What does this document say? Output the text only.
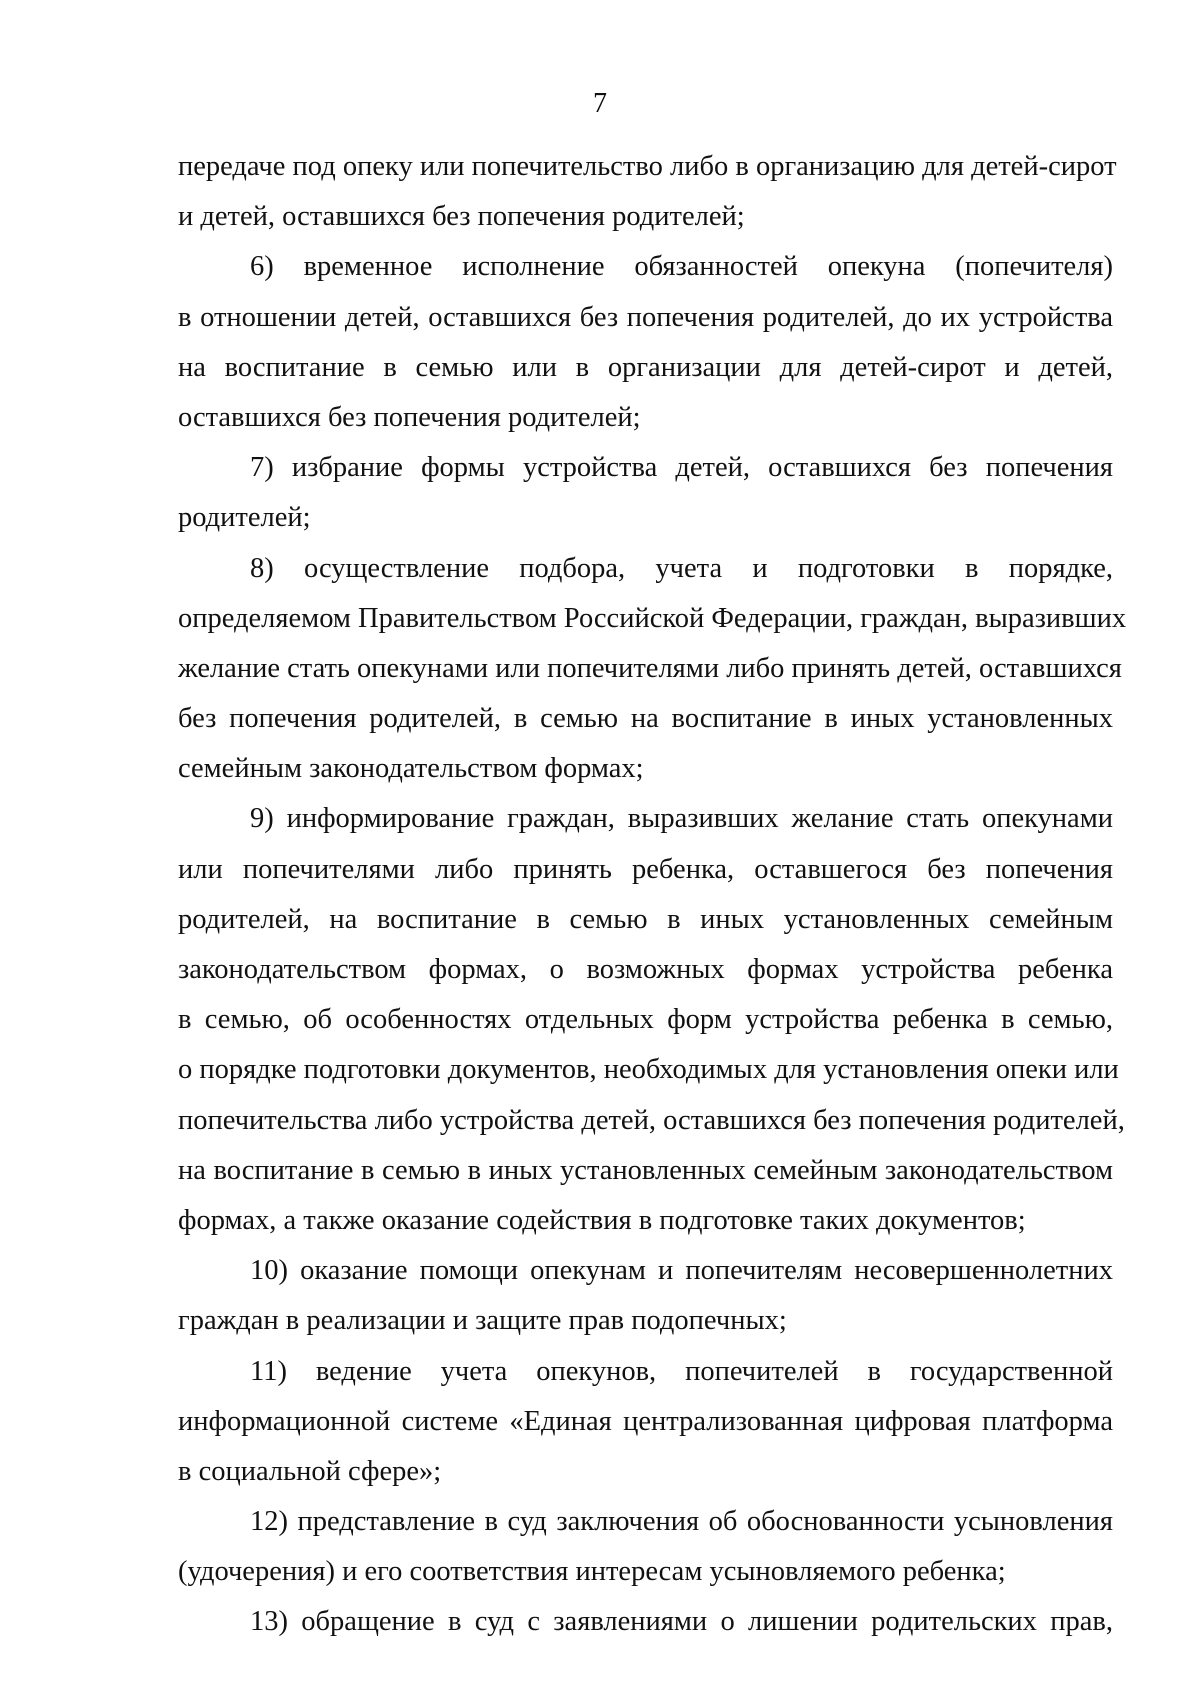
7
передаче под опеку или попечительство либо в организацию для детей-сирот
и детей, оставшихся без попечения родителей;
6) временное исполнение обязанностей опекуна (попечителя)
в отношении детей, оставшихся без попечения родителей, до их устройства
на воспитание в семью или в организации для детей-сирот и детей,
оставшихся без попечения родителей;
7) избрание формы устройства детей, оставшихся без попечения
родителей;
8) осуществление подбора, учета и подготовки в порядке,
определяемом Правительством Российской Федерации, граждан, выразивших
желание стать опекунами или попечителями либо принять детей, оставшихся
без попечения родителей, в семью на воспитание в иных установленных
семейным законодательством формах;
9) информирование граждан, выразивших желание стать опекунами
или попечителями либо принять ребенка, оставшегося без попечения
родителей, на воспитание в семью в иных установленных семейным
законодательством формах, о возможных формах устройства ребенка
в семью, об особенностях отдельных форм устройства ребенка в семью,
о порядке подготовки документов, необходимых для установления опеки или
попечительства либо устройства детей, оставшихся без попечения родителей,
на воспитание в семью в иных установленных семейным законодательством
формах, а также оказание содействия в подготовке таких документов;
10) оказание помощи опекунам и попечителям несовершеннолетних
граждан в реализации и защите прав подопечных;
11) ведение учета опекунов, попечителей в государственной
информационной системе «Единая централизованная цифровая платформа
в социальной сфере»;
12) представление в суд заключения об обоснованности усыновления
(удочерения) и его соответствия интересам усыновляемого ребенка;
13) обращение в суд с заявлениями о лишении родительских прав,
